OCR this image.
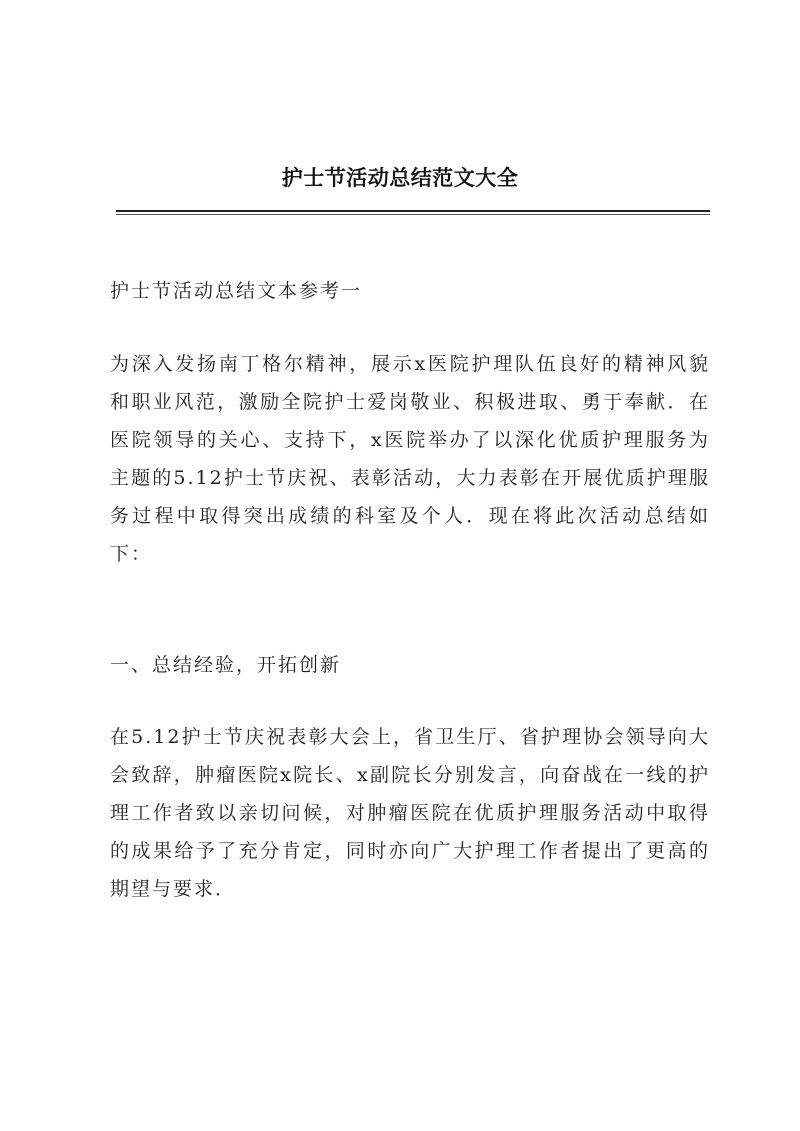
护士节活动总结范文大全
护士节活动总结文本参考一
为深入发扬南丁格尔精神，展示x医院护理队伍良好的精神风貌和职业风范，激励全院护士爱岗敬业、积极进取、勇于奉献．在医院领导的关心、支持下，x医院举办了以深化优质护理服务为主题的5.12护士节庆祝、表彰活动，大力表彰在开展优质护理服务过程中取得突出成绩的科室及个人．现在将此次活动总结如下：
一、总结经验，开拓创新
在5.12护士节庆祝表彰大会上，省卫生厅、省护理协会领导向大会致辞，肿瘤医院x院长、x副院长分别发言，向奋战在一线的护理工作者致以亲切问候，对肿瘤医院在优质护理服务活动中取得的成果给予了充分肯定，同时亦向广大护理工作者提出了更高的期望与要求．
